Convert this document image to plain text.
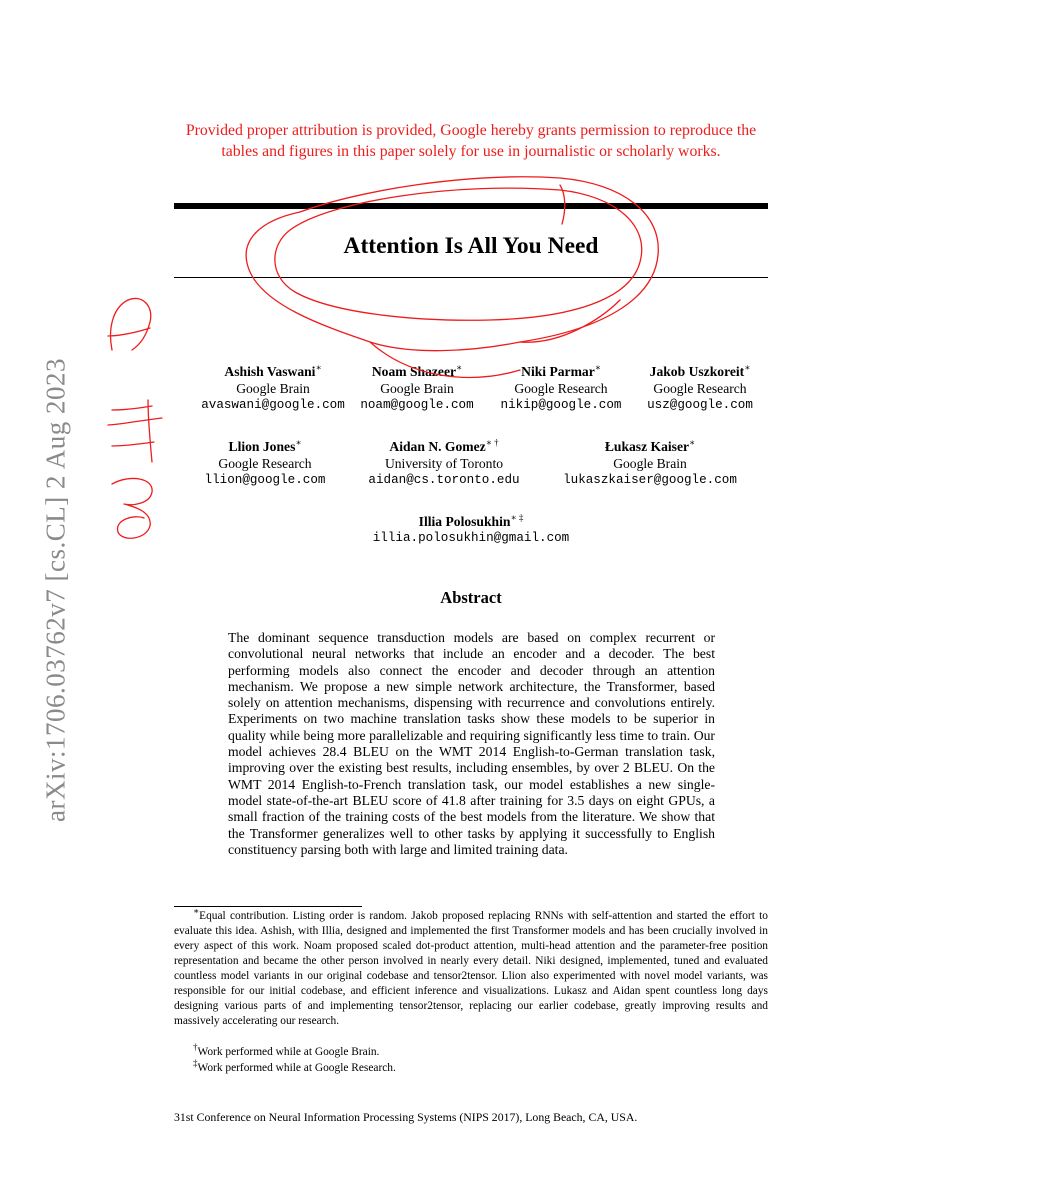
arXiv:1706.03762v7 [cs.CL] 2 Aug 2023
Provided proper attribution is provided, Google hereby grants permission to reproduce the tables and figures in this paper solely for use in journalistic or scholarly works.
Attention Is All You Need
Ashish Vaswani∗
Google Brain
avaswani@google.com
Noam Shazeer∗
Google Brain
noam@google.com
Niki Parmar∗
Google Research
nikip@google.com
Jakob Uszkoreit∗
Google Research
usz@google.com
Llion Jones∗
Google Research
llion@google.com
Aidan N. Gomez∗ †
University of Toronto
aidan@cs.toronto.edu
Łukasz Kaiser∗
Google Brain
lukaszkaiser@google.com
Illia Polosukhin∗ ‡
illia.polosukhin@gmail.com
Abstract
The dominant sequence transduction models are based on complex recurrent or convolutional neural networks that include an encoder and a decoder. The best performing models also connect the encoder and decoder through an attention mechanism. We propose a new simple network architecture, the Transformer, based solely on attention mechanisms, dispensing with recurrence and convolutions entirely. Experiments on two machine translation tasks show these models to be superior in quality while being more parallelizable and requiring significantly less time to train. Our model achieves 28.4 BLEU on the WMT 2014 English-to-German translation task, improving over the existing best results, including ensembles, by over 2 BLEU. On the WMT 2014 English-to-French translation task, our model establishes a new single-model state-of-the-art BLEU score of 41.8 after training for 3.5 days on eight GPUs, a small fraction of the training costs of the best models from the literature. We show that the Transformer generalizes well to other tasks by applying it successfully to English constituency parsing both with large and limited training data.
∗Equal contribution. Listing order is random. Jakob proposed replacing RNNs with self-attention and started the effort to evaluate this idea. Ashish, with Illia, designed and implemented the first Transformer models and has been crucially involved in every aspect of this work. Noam proposed scaled dot-product attention, multi-head attention and the parameter-free position representation and became the other person involved in nearly every detail. Niki designed, implemented, tuned and evaluated countless model variants in our original codebase and tensor2tensor. Llion also experimented with novel model variants, was responsible for our initial codebase, and efficient inference and visualizations. Lukasz and Aidan spent countless long days designing various parts of and implementing tensor2tensor, replacing our earlier codebase, greatly improving results and massively accelerating our research.
†Work performed while at Google Brain.
‡Work performed while at Google Research.
31st Conference on Neural Information Processing Systems (NIPS 2017), Long Beach, CA, USA.
